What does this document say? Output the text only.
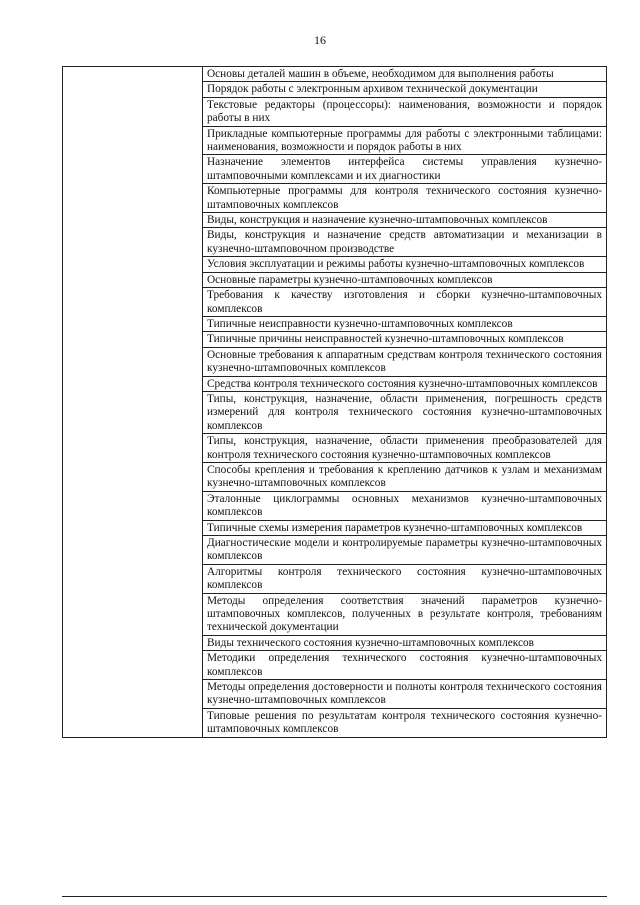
16

Основы деталей машин в объеме, необходимом для выполнения работы
Порядок работы с электронным архивом технической документации
Текстовые редакторы (процессоры): наименования, возможности и порядок работы в них
Прикладные компьютерные программы для работы с электронными таблицами: наименования, возможности и порядок работы в них
Назначение элементов интерфейса системы управления кузнечно-штамповочными комплексами и их диагностики
Компьютерные программы для контроля технического состояния кузнечно-штамповочных комплексов
Виды, конструкция и назначение кузнечно-штамповочных комплексов
Виды, конструкция и назначение средств автоматизации и механизации в кузнечно-штамповочном производстве
Условия эксплуатации и режимы работы кузнечно-штамповочных комплексов
Основные параметры кузнечно-штамповочных комплексов
Требования к качеству изготовления и сборки кузнечно-штамповочных комплексов
Типичные неисправности кузнечно-штамповочных комплексов
Типичные причины неисправностей кузнечно-штамповочных комплексов
Основные требования к аппаратным средствам контроля технического состояния кузнечно-штамповочных комплексов
Средства контроля технического состояния кузнечно-штамповочных комплексов
Типы, конструкция, назначение, области применения, погрешность средств измерений для контроля технического состояния кузнечно-штамповочных комплексов
Типы, конструкция, назначение, области применения преобразователей для контроля технического состояния кузнечно-штамповочных комплексов
Способы крепления и требования к креплению датчиков к узлам и механизмам кузнечно-штамповочных комплексов
Эталонные циклограммы основных механизмов кузнечно-штамповочных комплексов
Типичные схемы измерения параметров кузнечно-штамповочных комплексов
Диагностические модели и контролируемые параметры кузнечно-штамповочных комплексов
Алгоритмы контроля технического состояния кузнечно-штамповочных комплексов
Методы определения соответствия значений параметров кузнечно-штамповочных комплексов, полученных в результате контроля, требованиям технической документации
Виды технического состояния кузнечно-штамповочных комплексов
Методики определения технического состояния кузнечно-штамповочных комплексов
Методы определения достоверности и полноты контроля технического состояния кузнечно-штамповочных комплексов
Типовые решения по результатам контроля технического состояния кузнечно-штамповочных комплексов
